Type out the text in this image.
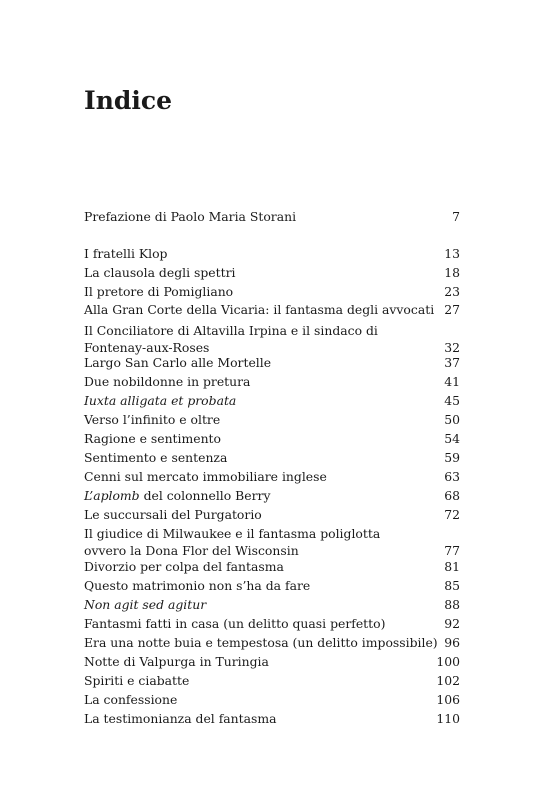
Indice
Prefazione di Paolo Maria Storani	7
I fratelli Klop	13
La clausola degli spettri	18
Il pretore di Pomigliano	23
Alla Gran Corte della Vicaria: il fantasma degli avvocati 27
Il Conciliatore di Altavilla Irpina e il sindaco di Fontenay-aux-Roses	32
Largo San Carlo alle Mortelle	37
Due nobildonne in pretura	41
Iuxta alligata et probata	45
Verso l’infinito e oltre	50
Ragione e sentimento	54
Sentimento e sentenza	59
Cenni sul mercato immobiliare inglese	63
L’aplomb del colonnello Berry	68
Le succursali del Purgatorio	72
Il giudice di Milwaukee e il fantasma poliglotta ovvero la Dona Flor del Wisconsin	77
Divorzio per colpa del fantasma	81
Questo matrimonio non s’ha da fare	85
Non agit sed agitur	88
Fantasmi fatti in casa (un delitto quasi perfetto)	92
Era una notte buia e tempestosa (un delitto impossibile) 96
Notte di Valpurga in Turingia	100
Spiriti e ciabatte	102
La confessione	106
La testimonianza del fantasma	110
